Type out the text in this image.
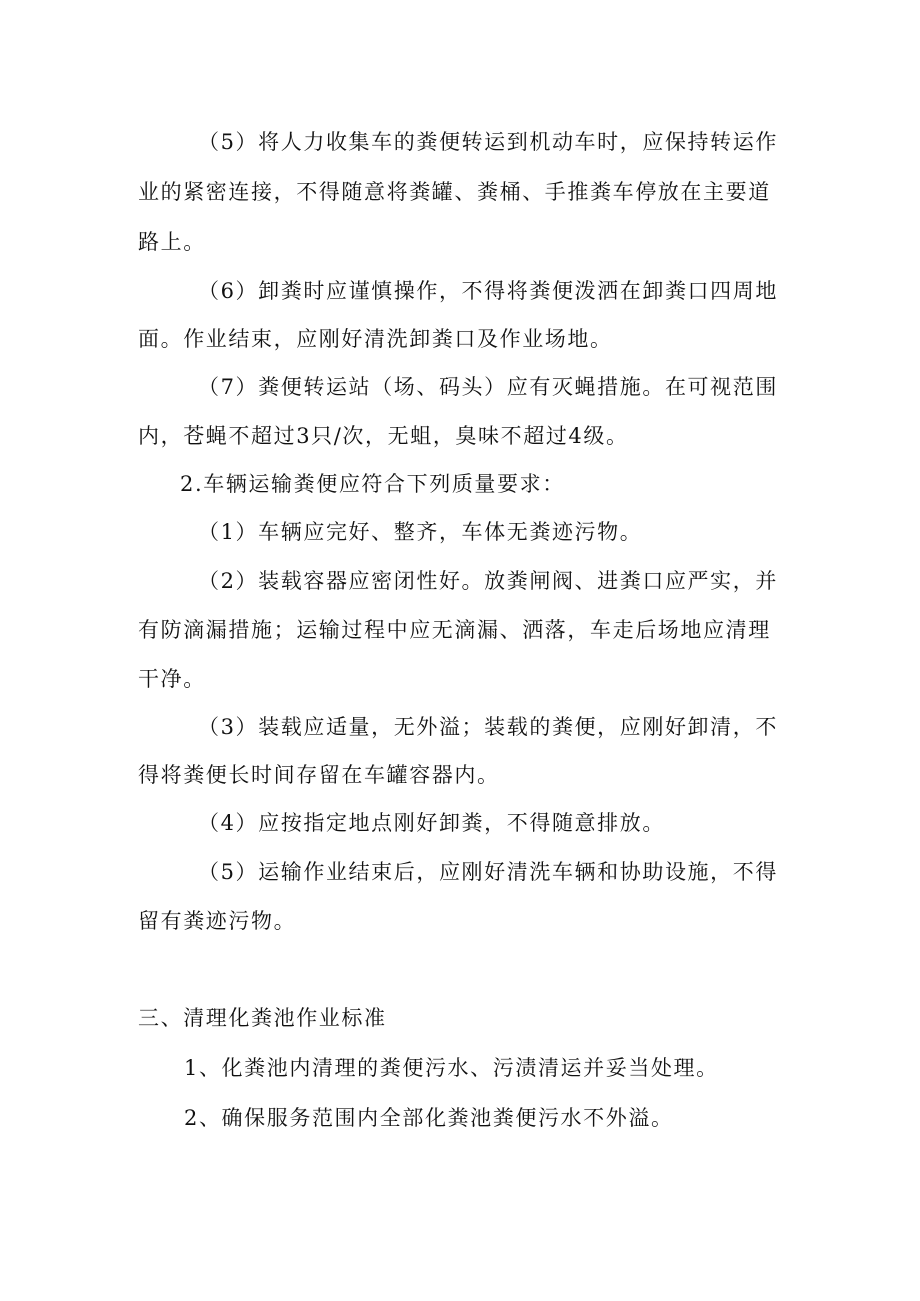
（5）将人力收集车的粪便转运到机动车时，应保持转运作

业的紧密连接，不得随意将粪罐、粪桶、手推粪车停放在主要道

路上。

（6）卸粪时应谨慎操作，不得将粪便泼洒在卸粪口四周地

面。作业结束，应刚好清洗卸粪口及作业场地。

（7）粪便转运站（场、码头）应有灭蝇措施。在可视范围

内，苍蝇不超过3只/次，无蛆，臭味不超过4级。

2.车辆运输粪便应符合下列质量要求：

（1）车辆应完好、整齐，车体无粪迹污物。

（2）装载容器应密闭性好。放粪闸阀、进粪口应严实，并

有防滴漏措施；运输过程中应无滴漏、洒落，车走后场地应清理

干净。

（3）装载应适量，无外溢；装载的粪便，应刚好卸清，不

得将粪便长时间存留在车罐容器内。

（4）应按指定地点刚好卸粪，不得随意排放。

（5）运输作业结束后，应刚好清洗车辆和协助设施，不得

留有粪迹污物。

三、清理化粪池作业标准

1、化粪池内清理的粪便污水、污渍清运并妥当处理。

2、确保服务范围内全部化粪池粪便污水不外溢。
